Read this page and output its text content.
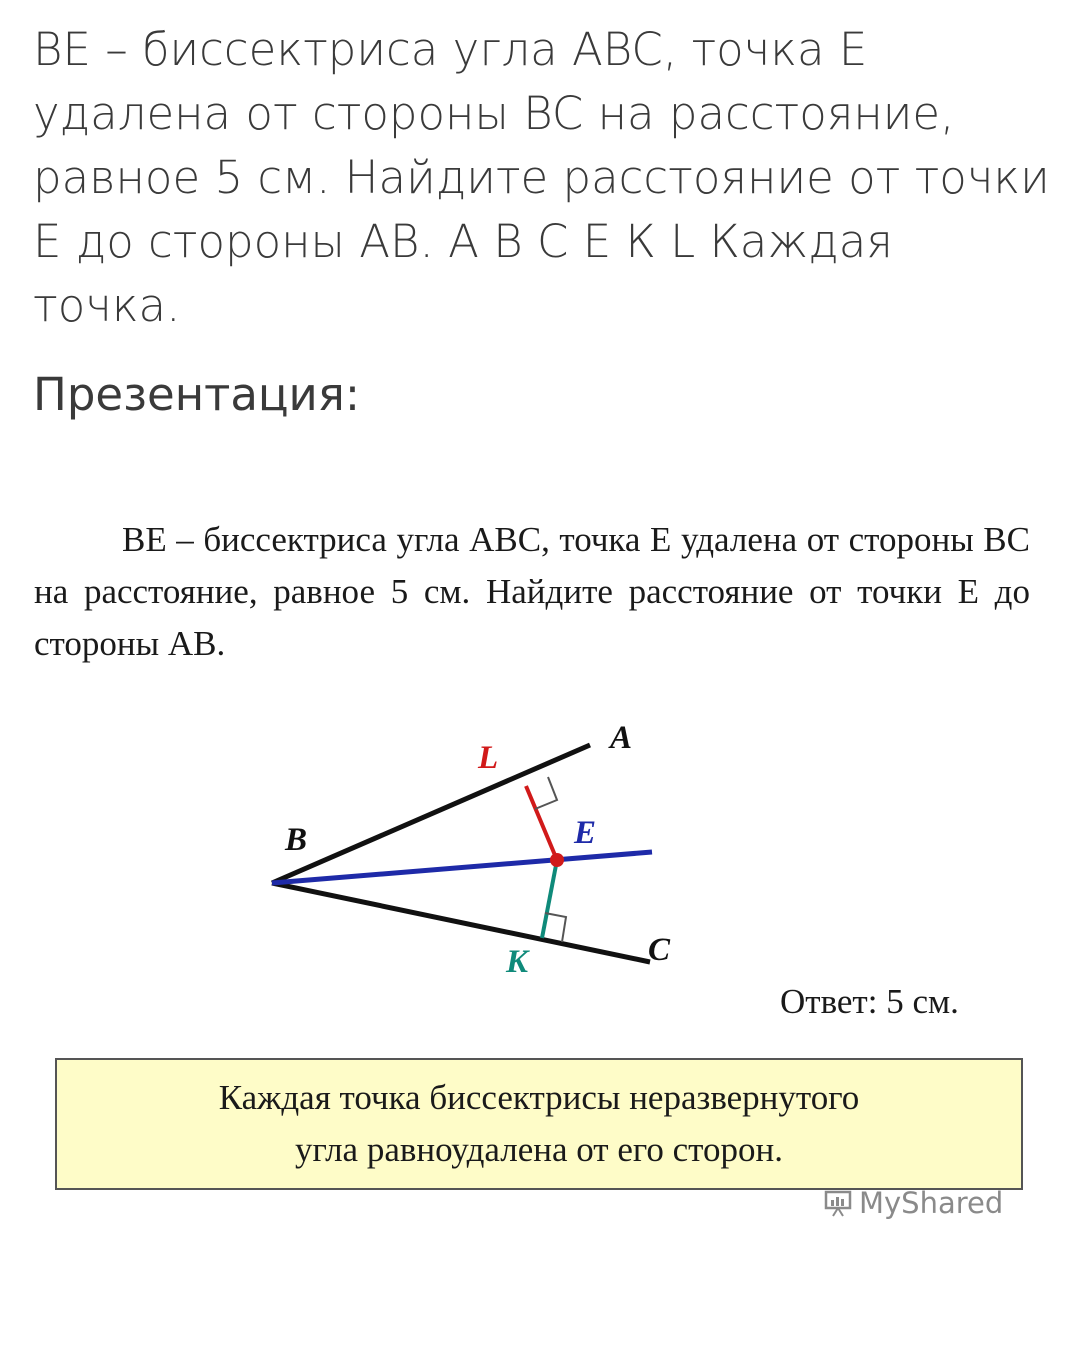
BE – биссектриса угла ABC, точка E удалена от стороны BC на расстояние, равное 5 см. Найдите расстояние от точки E до стороны AB. А В С Е К L Каждая точка.

Презентация:

BE – биссектриса угла ABC, точка E удалена от стороны BC на расстояние, равное 5 см. Найдите расстояние от точки E до стороны AB.

A
L
B	E
K	C
Ответ: 5 см.
Каждая точка биссектрисы неразвернутого
угла равноудалена от его сторон.
MyShared
